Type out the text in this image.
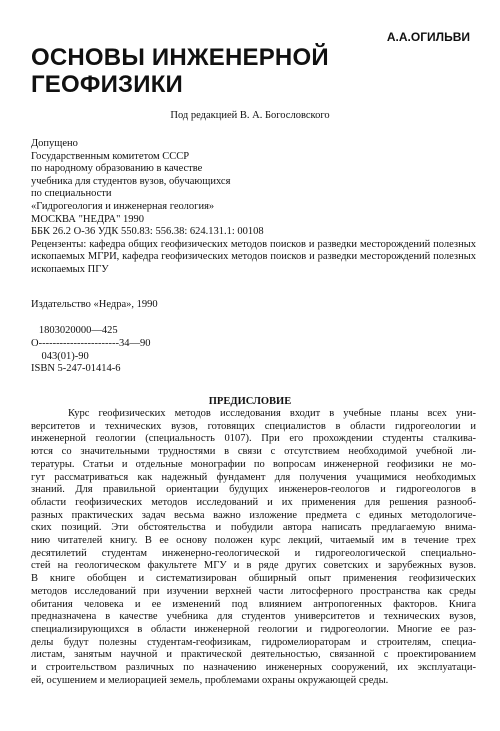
А.А.ОГИЛЬВИ
ОСНОВЫ ИНЖЕНЕРНОЙ
ГЕОФИЗИКИ
Под редакцией В. А. Богословского
Допущено
Государственным комитетом СССР
по народному образованию в качестве
учебника для студентов вузов, обучающихся
по специальности
«Гидрогеология и инженерная геология»
МОСКВА "НЕДРА" 1990
ББК 26.2 О-36 УДК 550.83: 556.38: 624.131.1: 00108
Рецензенты: кафедра общих геофизических методов поисков и разведки месторождений полезных ископаемых МГРИ, кафедра геофизических методов поисков и разведки месторождений полезных ископаемых ПГУ
Издательство «Недра», 1990
1803020000—425
О-----------------------34—90
043(01)-90
ISBN 5-247-01414-6
ПРЕДИСЛОВИЕ
Курс геофизических методов исследования входит в учебные планы всех уни-
верситетов и технических вузов, готовящих специалистов в области гидрогеологии и
инженерной геологии (специальность 0107). При его прохождении студенты сталкива-
ются со значительными трудностями в связи с отсутствием необходимой учебной ли-
тературы. Статьи и отдельные монографии по вопросам инженерной геофизики не мо-
гут рассматриваться как надежный фундамент для получения учащимися необходимых
знаний. Для правильной ориентации будущих инженеров-геологов и гидрогеологов в
области геофизических методов исследований и их применения для решения разнооб-
разных практических задач весьма важно изложение предмета с единых методологиче-
ских позиций. Эти обстоятельства и побудили автора написать предлагаемую внима-
нию читателей книгу. В ее основу положен курс лекций, читаемый им в течение трех
десятилетий студентам инженерно-геологической и гидрогеологической специально-
стей на геологическом факультете МГУ и в ряде других советских и зарубежных вузов.
В книге обобщен и систематизирован обширный опыт применения геофизических
методов исследований при изучении верхней части литосферного пространства как среды
обитания человека и ее изменений под влиянием антропогенных факторов. Книга
предназначена в качестве учебника для студентов университетов и технических вузов,
специализирующихся в области инженерной геологии и гидрогеологии. Многие ее раз-
делы будут полезны студентам-геофизикам, гидромелиораторам и строителям, специа-
листам, занятым научной и практической деятельностью, связанной с проектированием
и строительством различных по назначению инженерных сооружений, их эксплуатаци-
ей, осушением и мелиорацией земель, проблемами охраны окружающей среды.
